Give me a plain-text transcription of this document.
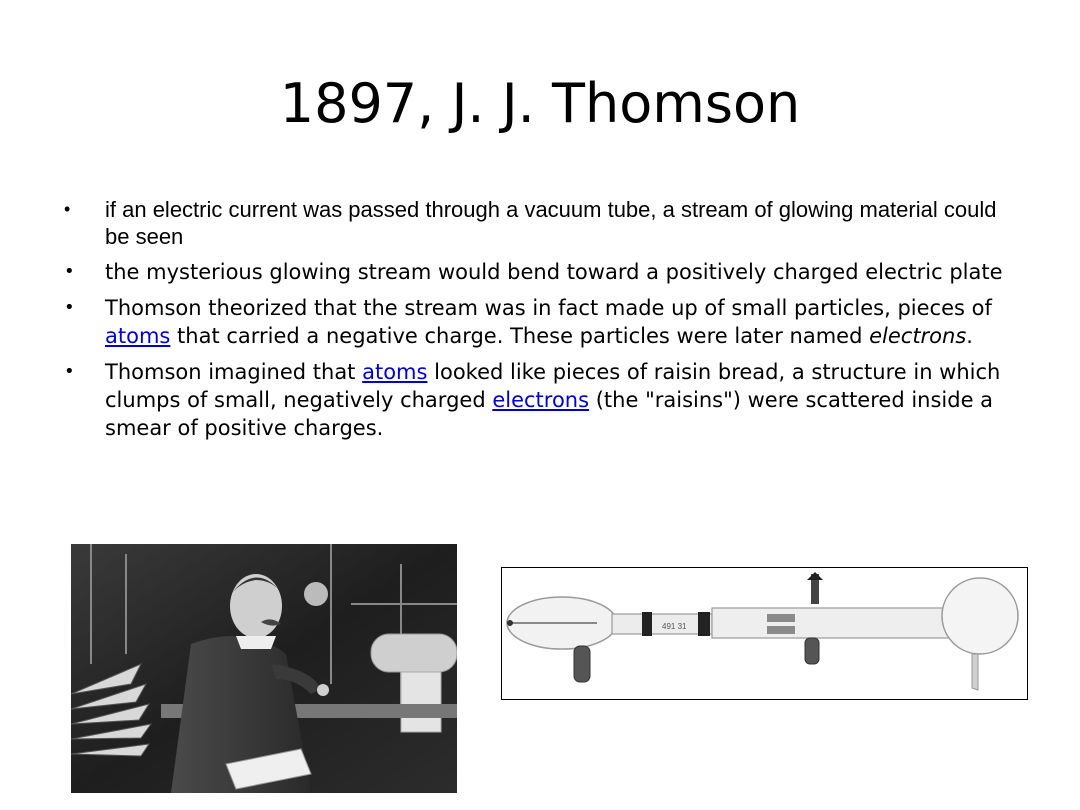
1897, J. J. Thomson
• if an electric current was passed through a vacuum tube, a stream of glowing material could be seen
• the mysterious glowing stream would bend toward a positively charged electric plate
• Thomson theorized that the stream was in fact made up of small particles, pieces of atoms that carried a negative charge. These particles were later named electrons.
• Thomson imagined that atoms looked like pieces of raisin bread, a structure in which clumps of small, negatively charged electrons (the "raisins") were scattered inside a smear of positive charges.
491 31
